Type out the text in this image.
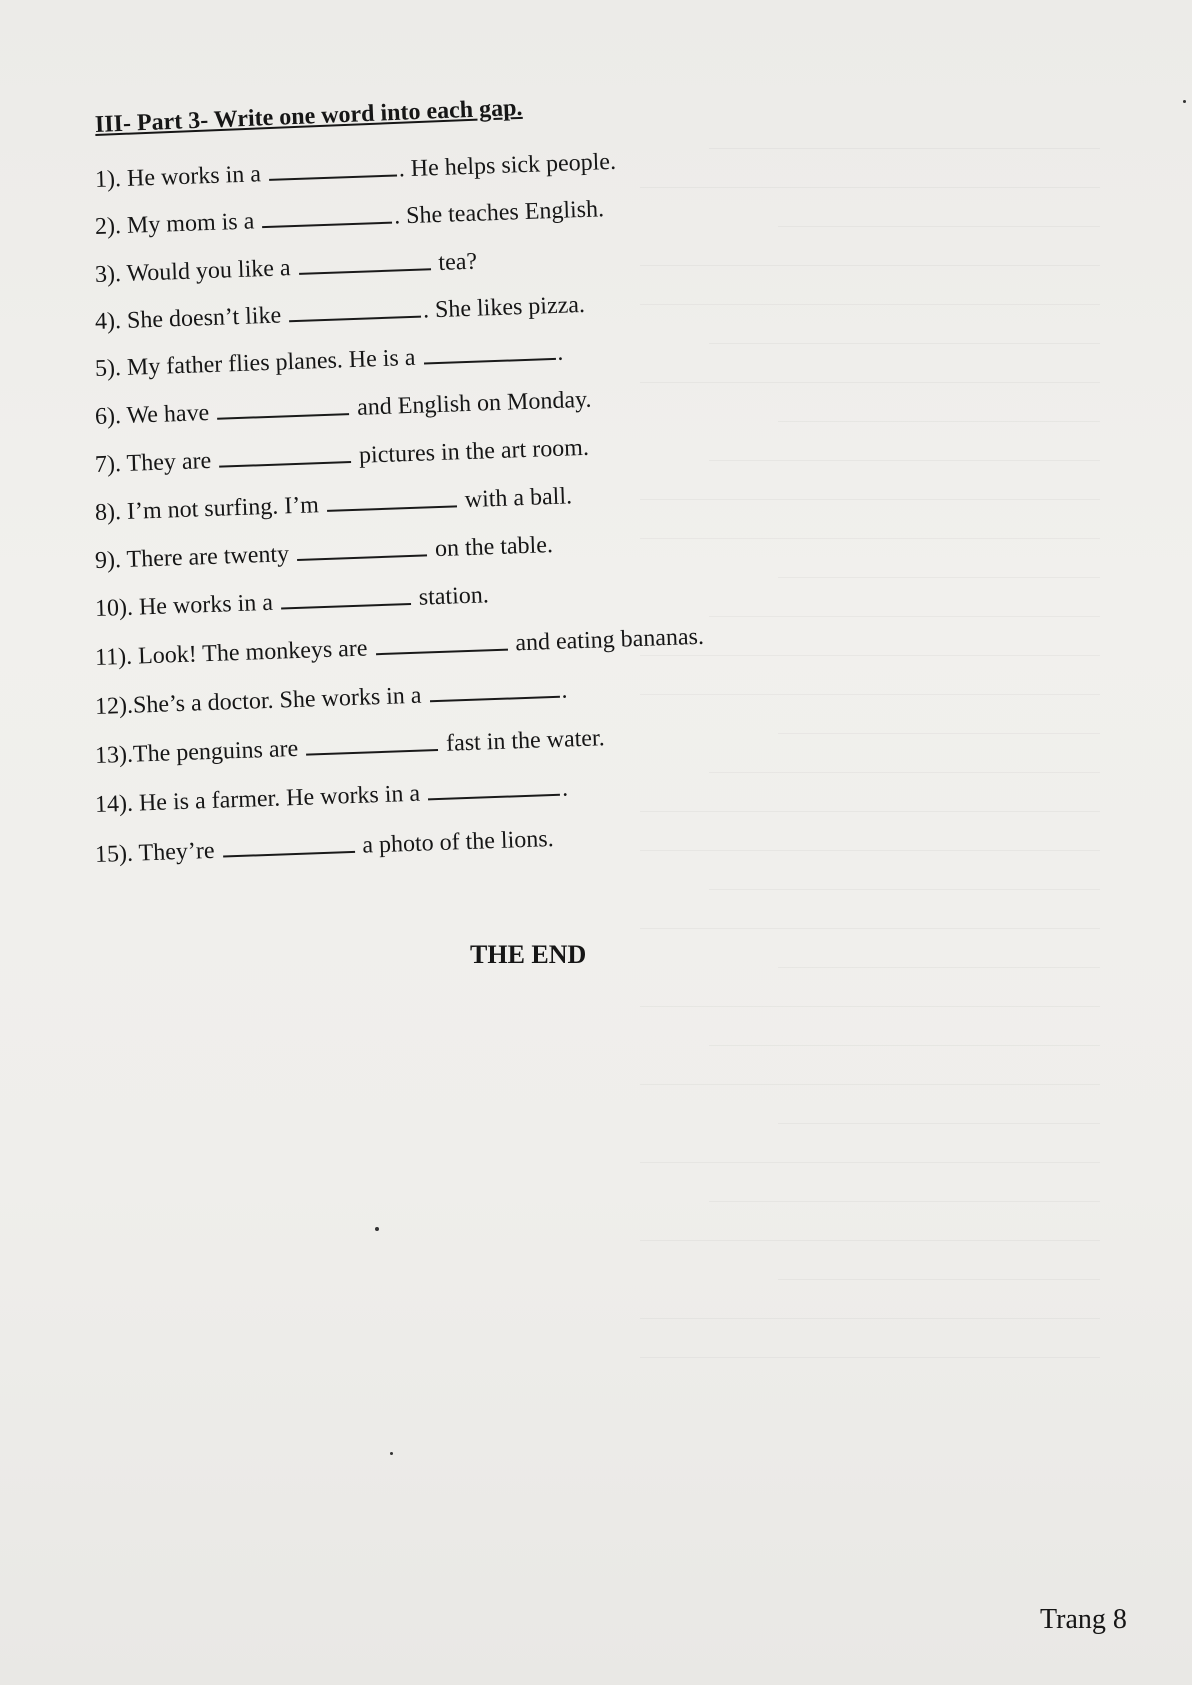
III- Part 3- Write one word into each gap.
1). He works in a	. He helps sick people.
2). My mom is a	. She teaches English.
3). Would you like a	tea?
4). She doesn’t like	. She likes pizza.
5). My father flies planes. He is a	.
6). We have	and English on Monday.
7). They are	pictures in the art room.
8). I’m not surfing. I’m	with a ball.
9). There are twenty	on the table.
10). He works in a	station.
11). Look! The monkeys are	and eating bananas.
12).She’s a doctor. She works in a	.
13).The penguins are	fast in the water.
14). He is a farmer. He works in a	.
15). They’re	a photo of the lions.
THE END
Trang 8
